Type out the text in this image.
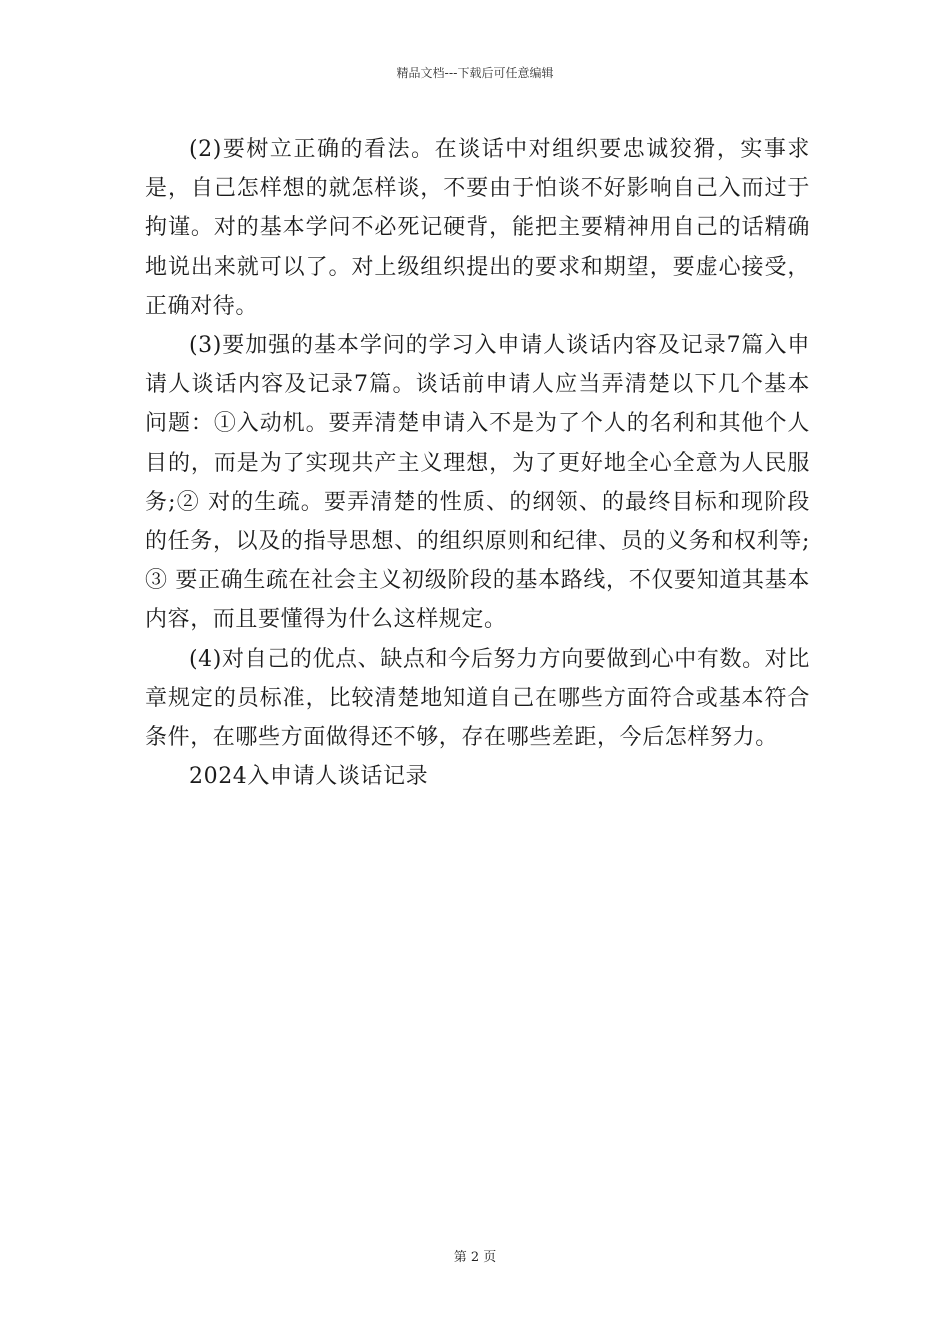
精品文档---下载后可任意编辑

(2)要树立正确的看法。在谈话中对组织要忠诚狡猾，实事求是，自己怎样想的就怎样谈，不要由于怕谈不好影响自己入而过于拘谨。对的基本学问不必死记硬背，能把主要精神用自己的话精确地说出来就可以了。对上级组织提出的要求和期望，要虚心接受，正确对待。

(3)要加强的基本学问的学习入申请人谈话内容及记录7篇入申请人谈话内容及记录7篇。谈话前申请人应当弄清楚以下几个基本问题：①入动机。要弄清楚申请入不是为了个人的名利和其他个人目的，而是为了实现共产主义理想，为了更好地全心全意为人民服务;② 对的生疏。要弄清楚的性质、的纲领、的最终目标和现阶段的任务，以及的指导思想、的组织原则和纪律、员的义务和权利等;③ 要正确生疏在社会主义初级阶段的基本路线，不仅要知道其基本内容，而且要懂得为什么这样规定。

(4)对自己的优点、缺点和今后努力方向要做到心中有数。对比章规定的员标准，比较清楚地知道自己在哪些方面符合或基本符合条件，在哪些方面做得还不够，存在哪些差距，今后怎样努力。

2024入申请人谈话记录

第 2 页
